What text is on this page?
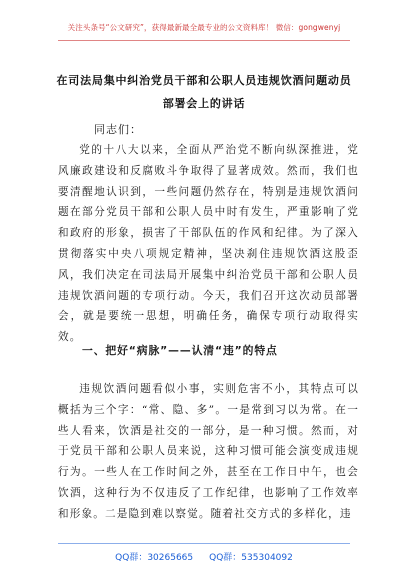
关注头条号“公文研究”，获得最新最全最专业的公文资料库！ 微信：gongwenyj
在司法局集中纠治党员干部和公职人员违规饮酒问题动员
部署会上的讲话
同志们：

党的十八大以来，全面从严治党不断向纵深推进，党风廉政建设和反腐败斗争取得了显著成效。然而，我们也要清醒地认识到，一些问题仍然存在，特别是违规饮酒问题在部分党员干部和公职人员中时有发生，严重影响了党和政府的形象，损害了干部队伍的作风和纪律。为了深入贯彻落实中央八项规定精神，坚决刹住违规饮酒这股歪风，我们决定在司法局开展集中纠治党员干部和公职人员违规饮酒问题的专项行动。今天，我们召开这次动员部署会，就是要统一思想，明确任务，确保专项行动取得实效。

一、把好“病脉”——认清“违”的特点

违规饮酒问题看似小事，实则危害不小，其特点可以概括为三个字：“常、隐、多”。一是常到习以为常。在一些人看来，饮酒是社交的一部分，是一种习惯。然而，对于党员干部和公职人员来说，这种习惯可能会演变成违规行为。一些人在工作时间之外，甚至在工作日中午，也会饮酒，这种行为不仅违反了工作纪律，也影响了工作效率和形象。二是隐到难以察觉。随着社交方式的多样化，违

QQ群：30265665 QQ群：535304092
